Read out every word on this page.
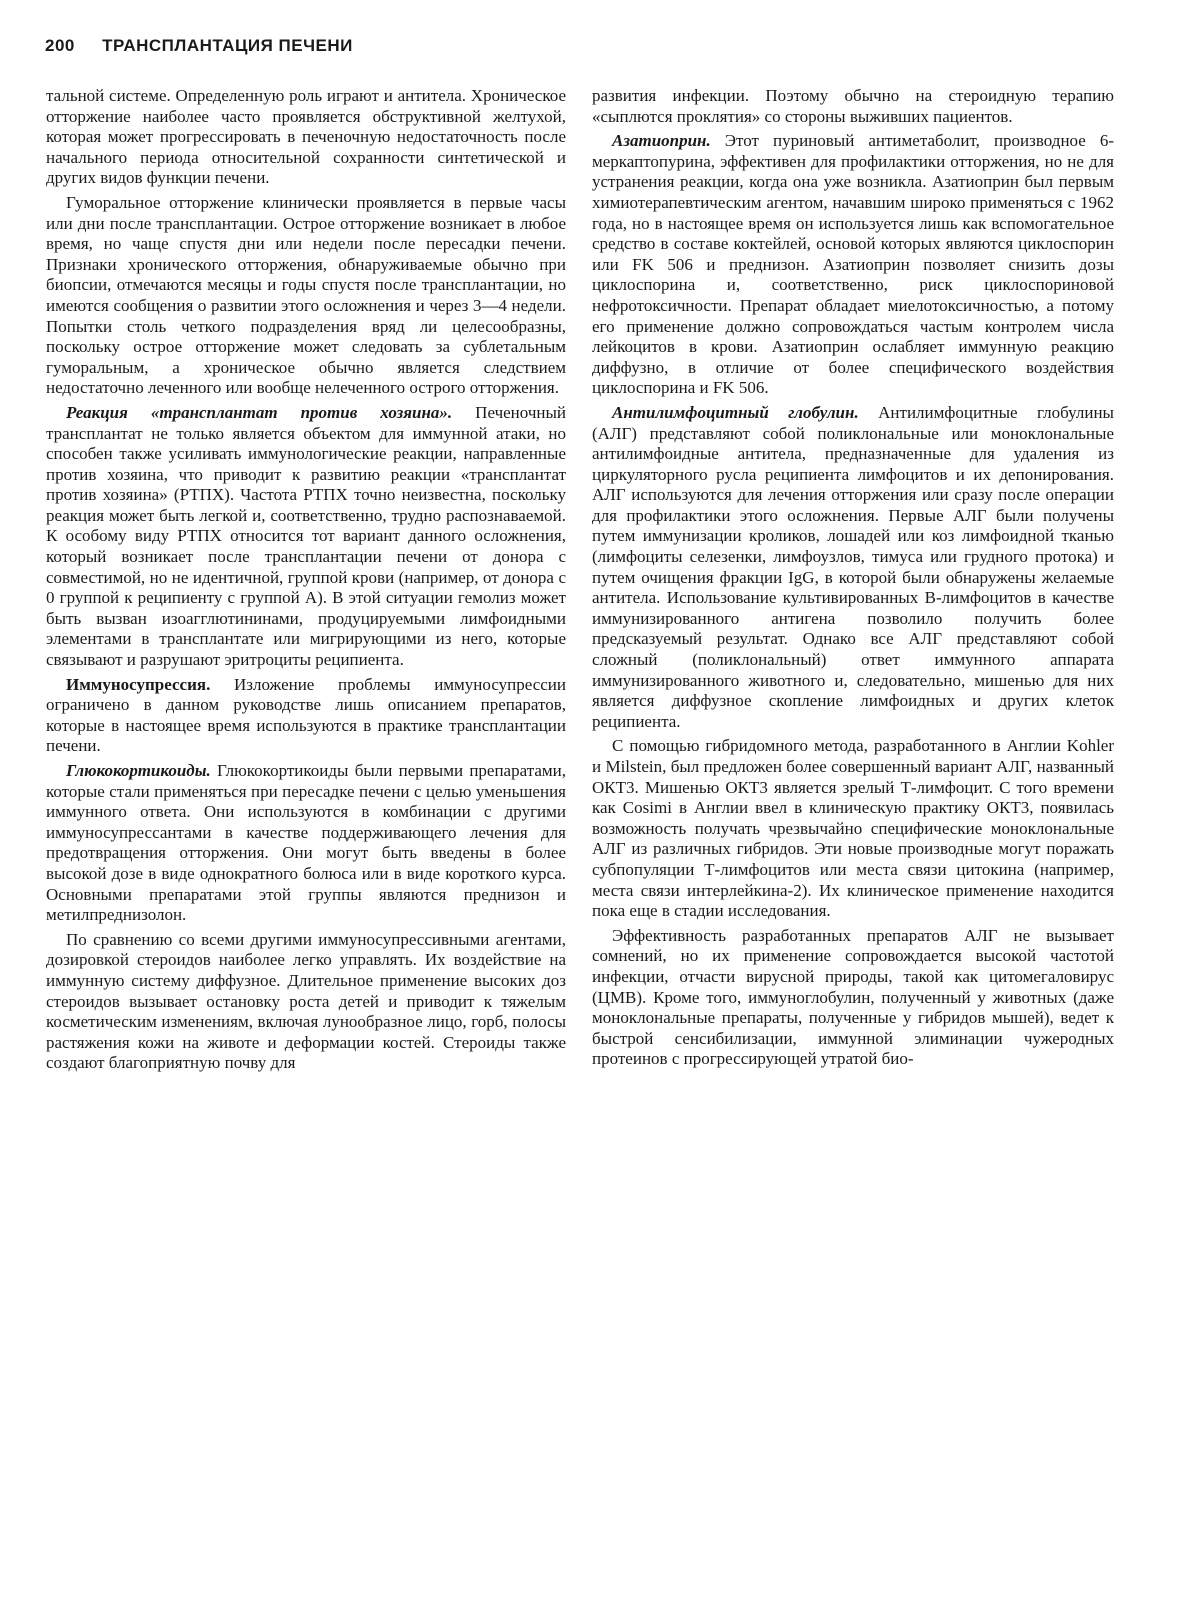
200 ТРАНСПЛАНТАЦИЯ ПЕЧЕНИ

тальной системе. Определенную роль играют и антитела. Хроническое отторжение наиболее часто проявляется обструктивной желтухой, которая может прогрессировать в печеночную недостаточность после начального периода относительной сохранности синтетической и других видов функции печени.

Гуморальное отторжение клинически проявляется в первые часы или дни после трансплантации. Острое отторжение возникает в любое время, но чаще спустя дни или недели после пересадки печени. Признаки хронического отторжения, обнаруживаемые обычно при биопсии, отмечаются месяцы и годы спустя после трансплантации, но имеются сообщения о развитии этого осложнения и через 3—4 недели. Попытки столь четкого подразделения вряд ли целесообразны, поскольку острое отторжение может следовать за сублетальным гуморальным, а хроническое обычно является следствием недостаточно леченного или вообще нелеченного острого отторжения.

Реакция «трансплантат против хозяина». Печеночный трансплантат не только является объектом для иммунной атаки, но способен также усиливать иммунологические реакции, направленные против хозяина, что приводит к развитию реакции «трансплантат против хозяина» (РТПХ). Частота РТПХ точно неизвестна, поскольку реакция может быть легкой и, соответственно, трудно распознаваемой. К особому виду РТПХ относится тот вариант данного осложнения, который возникает после трансплантации печени от донора с совместимой, но не идентичной, группой крови (например, от донора с 0 группой к реципиенту с группой А). В этой ситуации гемолиз может быть вызван изоагглютининами, продуцируемыми лимфоидными элементами в трансплантате или мигрирующими из него, которые связывают и разрушают эритроциты реципиента.

Иммуносупрессия. Изложение проблемы иммуносупрессии ограничено в данном руководстве лишь описанием препаратов, которые в настоящее время используются в практике трансплантации печени.

Глюкокортикоиды. Глюкокортикоиды были первыми препаратами, которые стали применяться при пересадке печени с целью уменьшения иммунного ответа. Они используются в комбинации с другими иммуносупрессантами в качестве поддерживающего лечения для предотвращения отторжения. Они могут быть введены в более высокой дозе в виде однократного болюса или в виде короткого курса. Основными препаратами этой группы являются преднизон и метилпреднизолон.

По сравнению со всеми другими иммуносупрессивными агентами, дозировкой стероидов наиболее легко управлять. Их воздействие на иммунную систему диффузное. Длительное применение высоких доз стероидов вызывает остановку роста детей и приводит к тяжелым косметическим изменениям, включая лунообразное лицо, горб, полосы растяжения кожи на животе и деформации костей. Стероиды также создают благоприятную почву для

развития инфекции. Поэтому обычно на стероидную терапию «сыплются проклятия» со стороны выживших пациентов.

Азатиоприн. Этот пуриновый антиметаболит, производное 6-меркаптопурина, эффективен для профилактики отторжения, но не для устранения реакции, когда она уже возникла. Азатиоприн был первым химиотерапевтическим агентом, начавшим широко применяться с 1962 года, но в настоящее время он используется лишь как вспомогательное средство в составе коктейлей, основой которых являются циклоспорин или FK 506 и преднизон. Азатиоприн позволяет снизить дозы циклоспорина и, соответственно, риск циклоспориновой нефротоксичности. Препарат обладает миелотоксичностью, а потому его применение должно сопровождаться частым контролем числа лейкоцитов в крови. Азатиоприн ослабляет иммунную реакцию диффузно, в отличие от более специфического воздействия циклоспорина и FK 506.

Антилимфоцитный глобулин. Антилимфоцитные глобулины (АЛГ) представляют собой поликлональные или моноклональные антилимфоидные антитела, предназначенные для удаления из циркуляторного русла реципиента лимфоцитов и их депонирования. АЛГ используются для лечения отторжения или сразу после операции для профилактики этого осложнения. Первые АЛГ были получены путем иммунизации кроликов, лошадей или коз лимфоидной тканью (лимфоциты селезенки, лимфоузлов, тимуса или грудного протока) и путем очищения фракции IgG, в которой были обнаружены желаемые антитела. Использование культивированных В-лимфоцитов в качестве иммунизированного антигена позволило получить более предсказуемый результат. Однако все АЛГ представляют собой сложный (поликлональный) ответ иммунного аппарата иммунизированного животного и, следовательно, мишенью для них является диффузное скопление лимфоидных и других клеток реципиента.

С помощью гибридомного метода, разработанного в Англии Kohler и Milstein, был предложен более совершенный вариант АЛГ, названный ОКТ3. Мишенью ОКТ3 является зрелый Т-лимфоцит. С того времени как Cosimi в Англии ввел в клиническую практику ОКТ3, появилась возможность получать чрезвычайно специфические моноклональные АЛГ из различных гибридов. Эти новые производные могут поражать субпопуляции Т-лимфоцитов или места связи цитокина (например, места связи интерлейкина-2). Их клиническое применение находится пока еще в стадии исследования.

Эффективность разработанных препаратов АЛГ не вызывает сомнений, но их применение сопровождается высокой частотой инфекции, отчасти вирусной природы, такой как цитомегаловирус (ЦМВ). Кроме того, иммуноглобулин, полученный у животных (даже моноклональные препараты, полученные у гибридов мышей), ведет к быстрой сенсибилизации, иммунной элиминации чужеродных протеинов с прогрессирующей утратой био-
